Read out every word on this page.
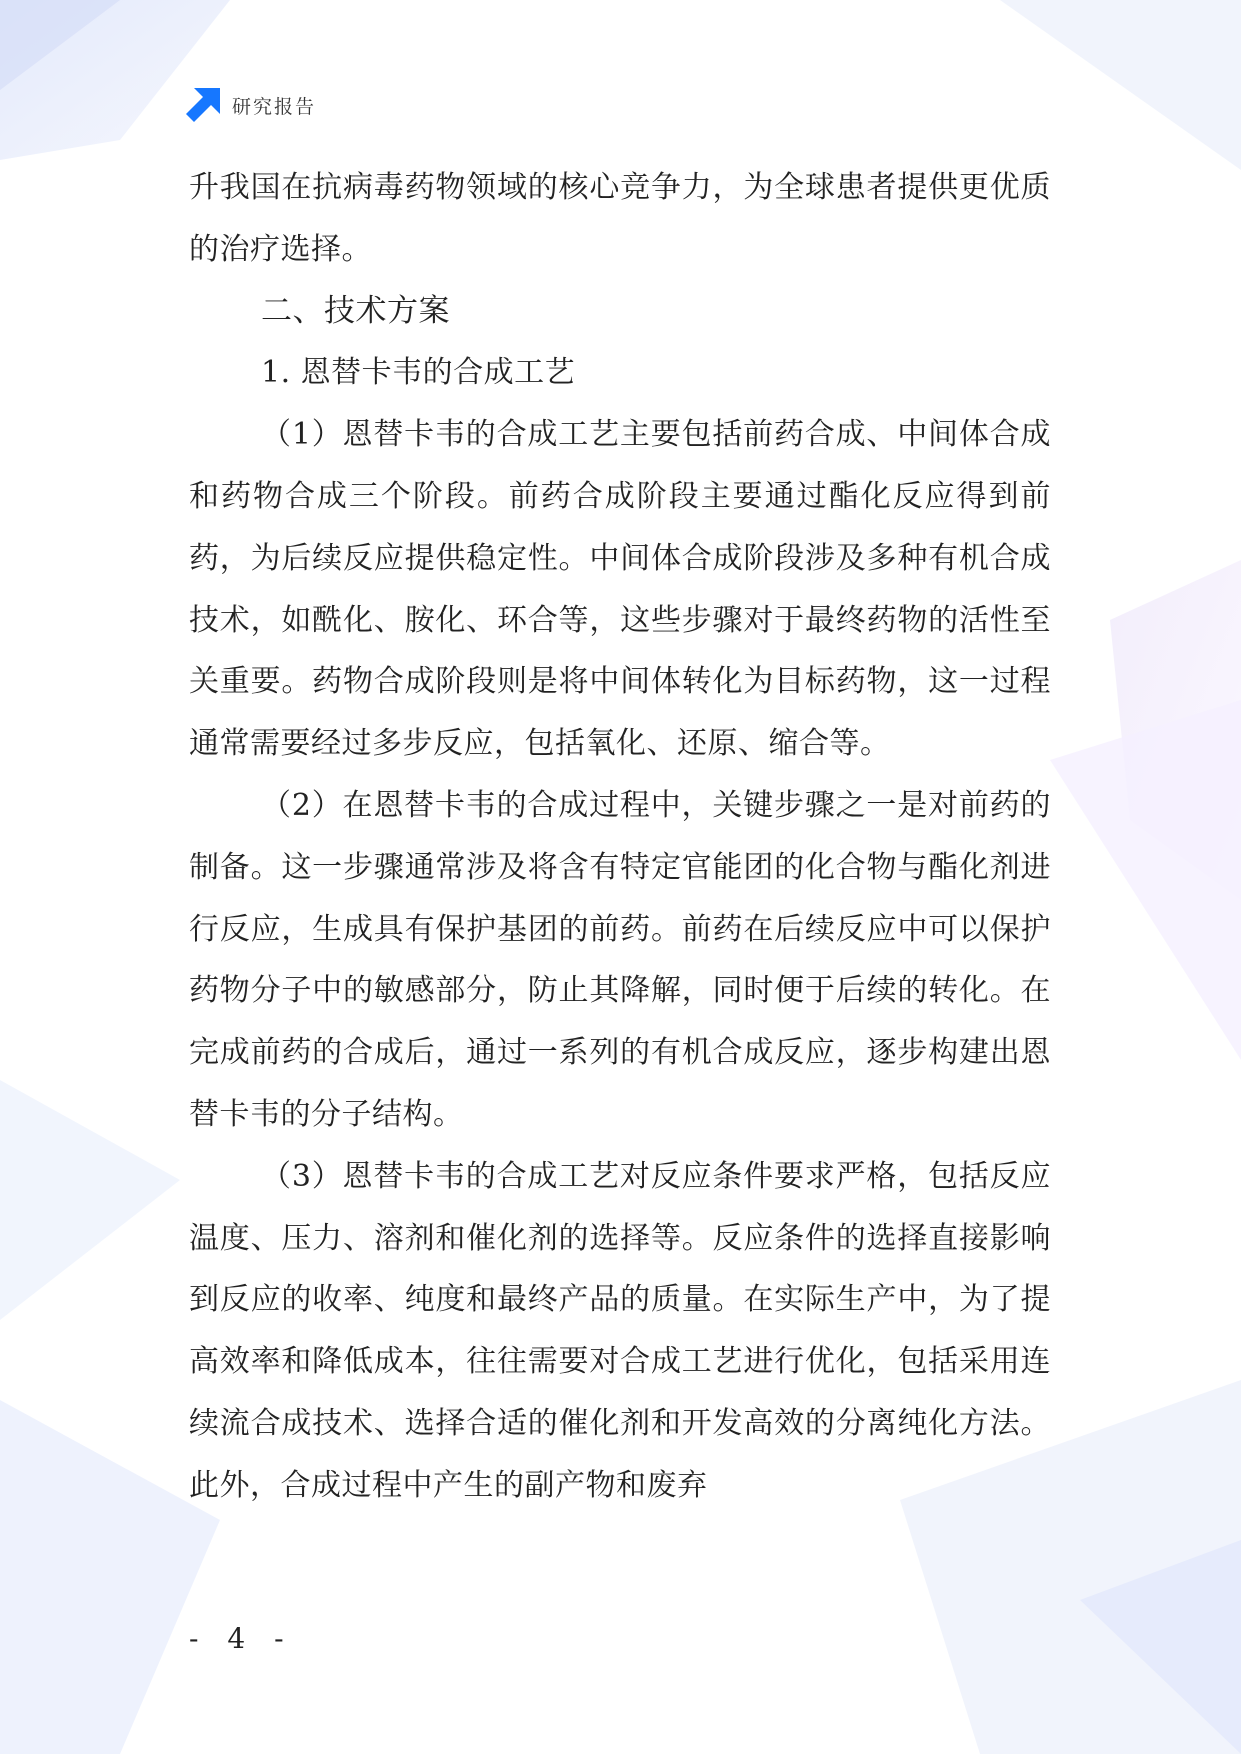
研究报告

升我国在抗病毒药物领域的核心竞争力，为全球患者提供更优质的治疗选择。

二、技术方案

1. 恩替卡韦的合成工艺

（1）恩替卡韦的合成工艺主要包括前药合成、中间体合成和药物合成三个阶段。前药合成阶段主要通过酯化反应得到前药，为后续反应提供稳定性。中间体合成阶段涉及多种有机合成技术，如酰化、胺化、环合等，这些步骤对于最终药物的活性至关重要。药物合成阶段则是将中间体转化为目标药物，这一过程通常需要经过多步反应，包括氧化、还原、缩合等。

（2）在恩替卡韦的合成过程中，关键步骤之一是对前药的制备。这一步骤通常涉及将含有特定官能团的化合物与酯化剂进行反应，生成具有保护基团的前药。前药在后续反应中可以保护药物分子中的敏感部分，防止其降解，同时便于后续的转化。在完成前药的合成后，通过一系列的有机合成反应，逐步构建出恩替卡韦的分子结构。

（3）恩替卡韦的合成工艺对反应条件要求严格，包括反应温度、压力、溶剂和催化剂的选择等。反应条件的选择直接影响到反应的收率、纯度和最终产品的质量。在实际生产中，为了提高效率和降低成本，往往需要对合成工艺进行优化，包括采用连续流合成技术、选择合适的催化剂和开发高效的分离纯化方法。此外，合成过程中产生的副产物和废弃

- 4 -
